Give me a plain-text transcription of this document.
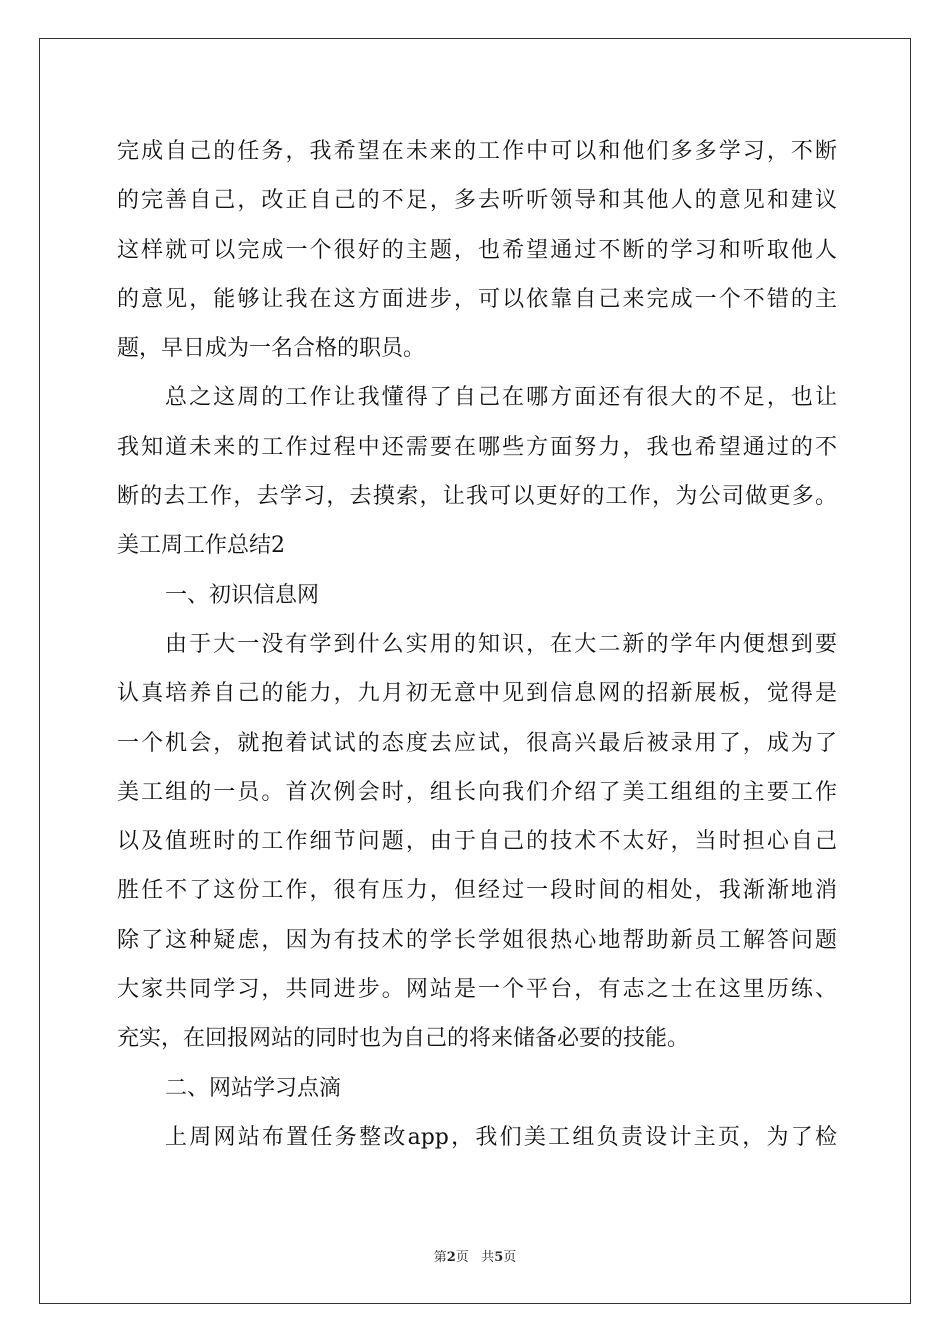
完成自己的任务，我希望在未来的工作中可以和他们多多学习，不断
的完善自己，改正自己的不足，多去听听领导和其他人的意见和建议
这样就可以完成一个很好的主题，也希望通过不断的学习和听取他人
的意见，能够让我在这方面进步，可以依靠自己来完成一个不错的主
题，早日成为一名合格的职员。
总之这周的工作让我懂得了自己在哪方面还有很大的不足，也让
我知道未来的工作过程中还需要在哪些方面努力，我也希望通过的不
断的去工作，去学习，去摸索，让我可以更好的工作，为公司做更多。
美工周工作总结2
一、初识信息网
由于大一没有学到什么实用的知识，在大二新的学年内便想到要
认真培养自己的能力，九月初无意中见到信息网的招新展板，觉得是
一个机会，就抱着试试的态度去应试，很高兴最后被录用了，成为了
美工组的一员。首次例会时，组长向我们介绍了美工组组的主要工作
以及值班时的工作细节问题，由于自己的技术不太好，当时担心自己
胜任不了这份工作，很有压力，但经过一段时间的相处，我渐渐地消
除了这种疑虑，因为有技术的学长学姐很热心地帮助新员工解答问题
大家共同学习，共同进步。网站是一个平台，有志之士在这里历练、
充实，在回报网站的同时也为自己的将来储备必要的技能。
二、网站学习点滴
上周网站布置任务整改app，我们美工组负责设计主页，为了检
第2页   共5页
